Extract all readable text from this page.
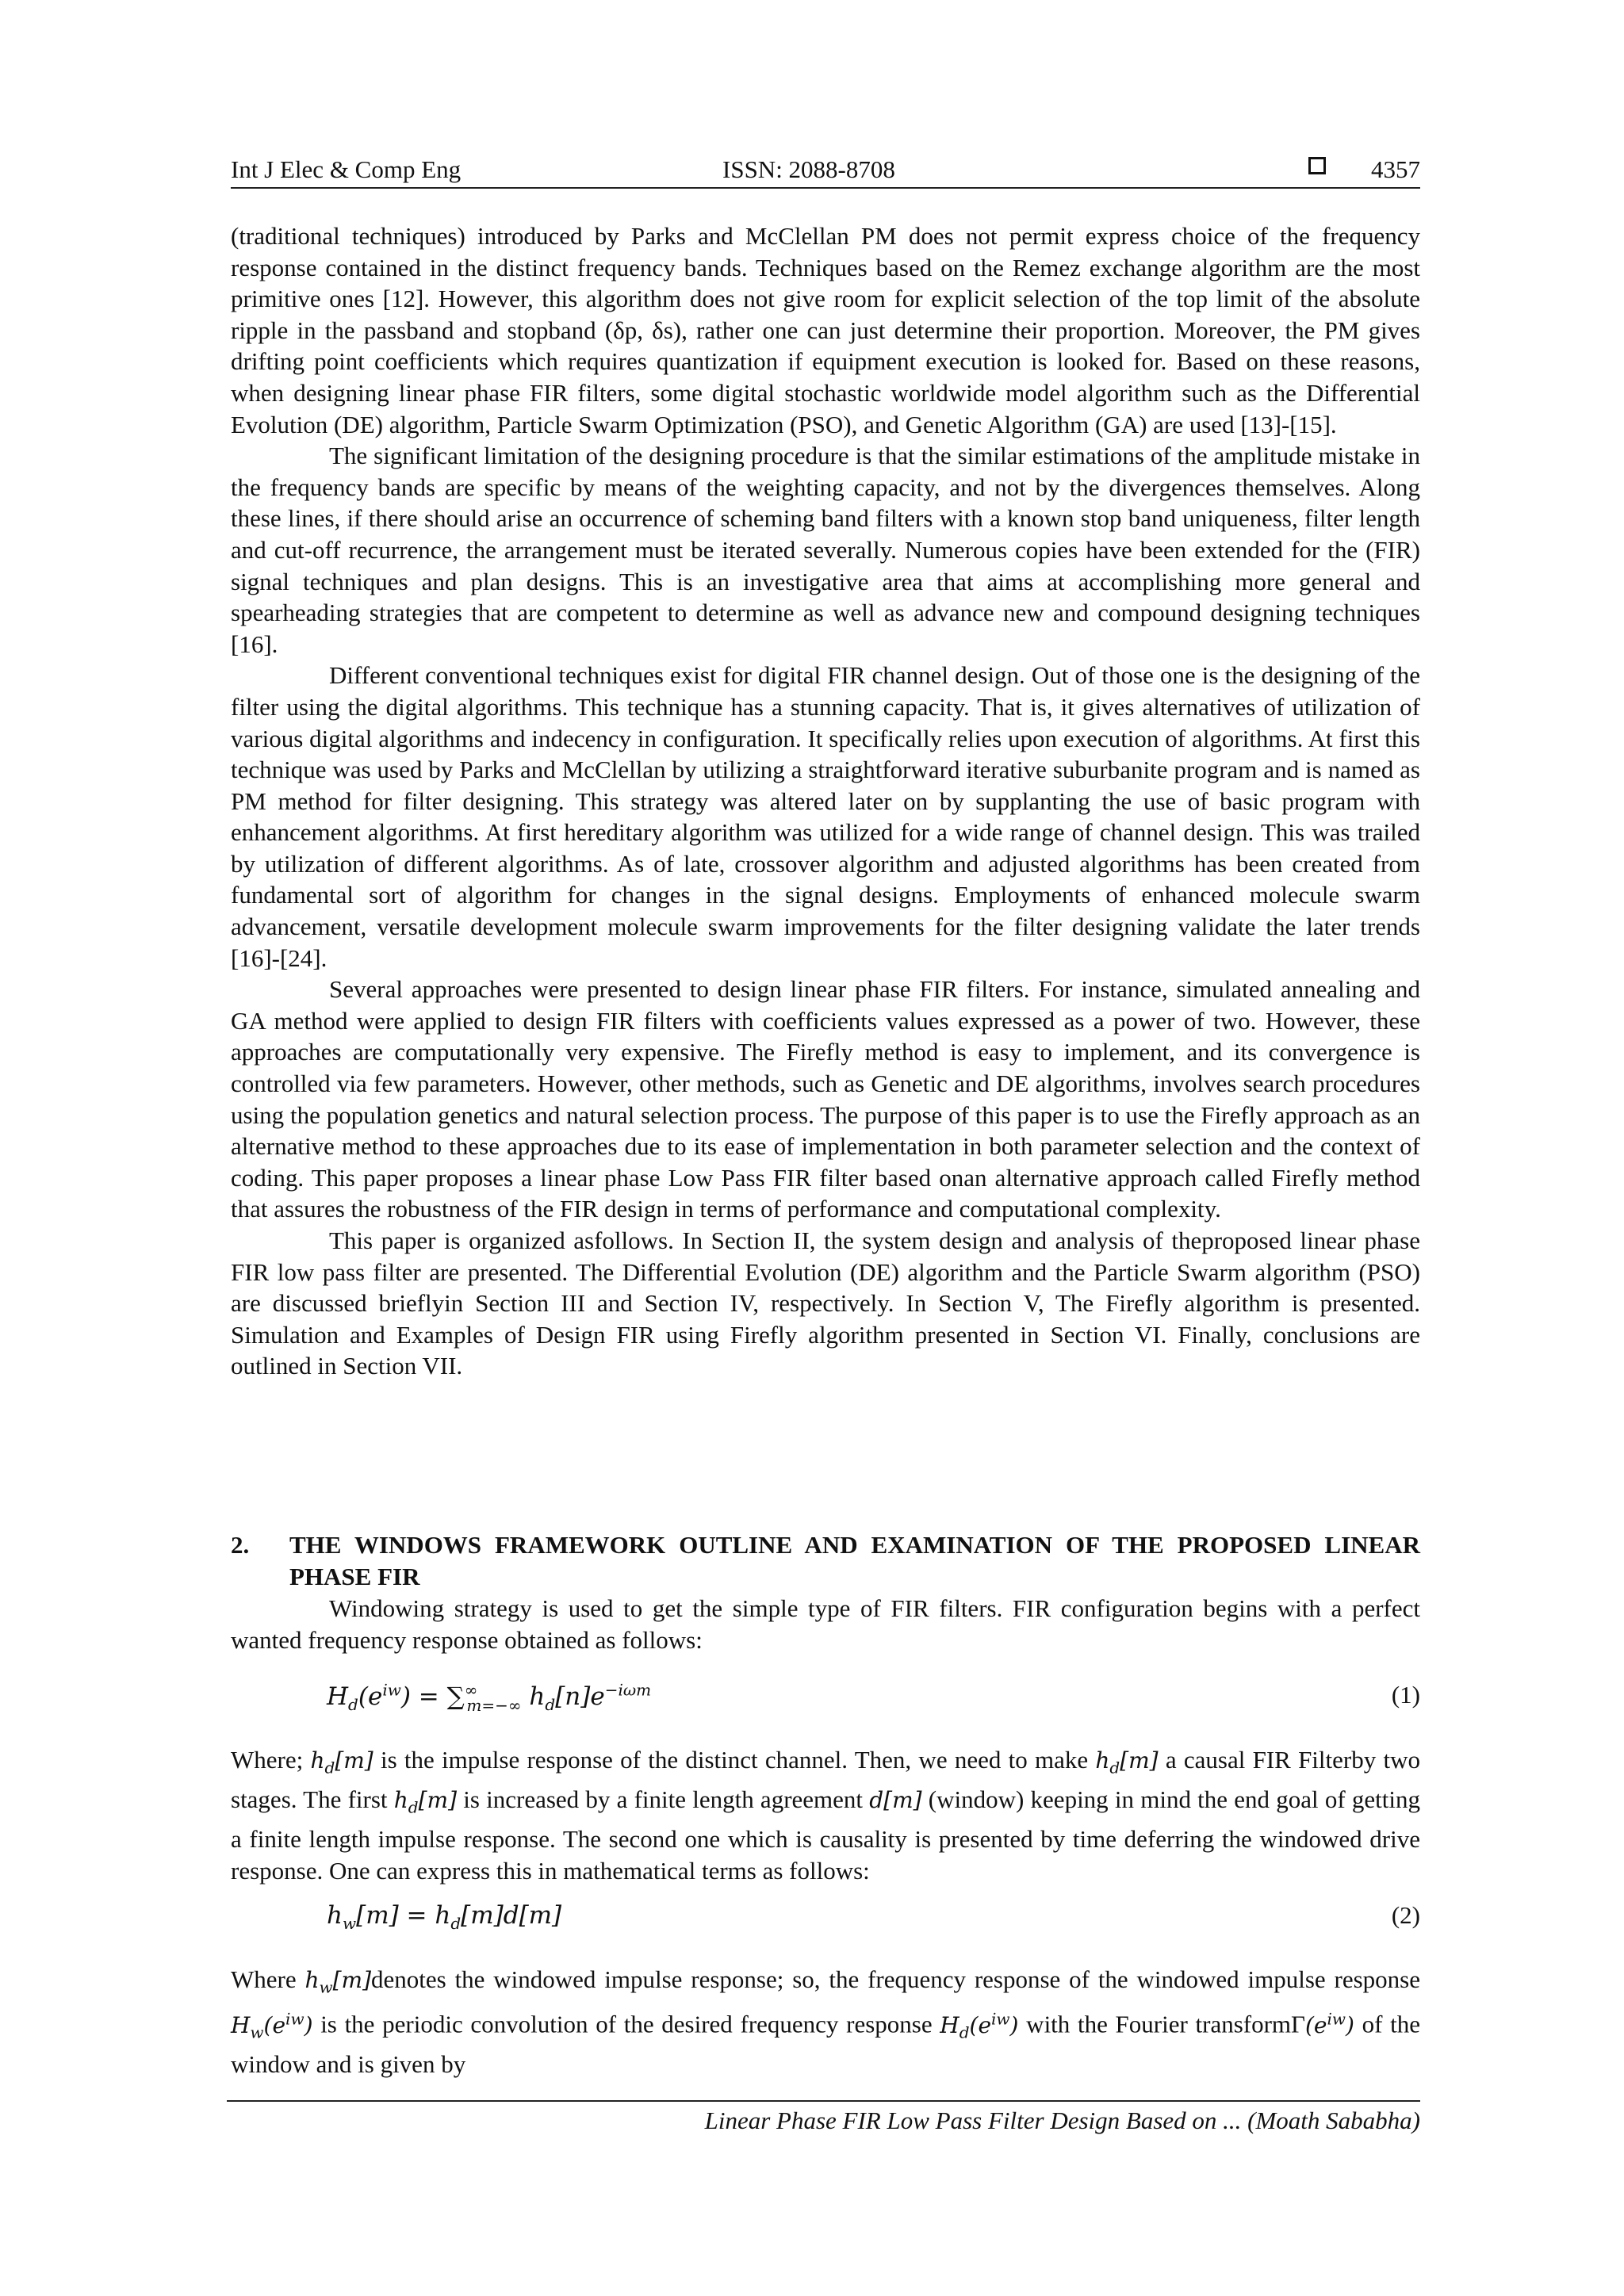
Int J Elec & Comp Eng	ISSN: 2088-8708	4357

(traditional techniques) introduced by Parks and McClellan PM does not permit express choice of the frequency response contained in the distinct frequency bands. Techniques based on the Remez exchange algorithm are the most primitive ones [12]. However, this algorithm does not give room for explicit selection of the top limit of the absolute ripple in the passband and stopband (δp, δs), rather one can just determine their proportion. Moreover, the PM gives drifting point coefficients which requires quantization if equipment execution is looked for. Based on these reasons, when designing linear phase FIR filters, some digital stochastic worldwide model algorithm such as the Differential Evolution (DE) algorithm, Particle Swarm Optimization (PSO), and Genetic Algorithm (GA) are used [13]-[15].

The significant limitation of the designing procedure is that the similar estimations of the amplitude mistake in the frequency bands are specific by means of the weighting capacity, and not by the divergences themselves. Along these lines, if there should arise an occurrence of scheming band filters with a known stop band uniqueness, filter length and cut-off recurrence, the arrangement must be iterated severally. Numerous copies have been extended for the (FIR) signal techniques and plan designs. This is an investigative area that aims at accomplishing more general and spearheading strategies that are competent to determine as well as advance new and compound designing techniques [16].

Different conventional techniques exist for digital FIR channel design. Out of those one is the designing of the filter using the digital algorithms. This technique has a stunning capacity. That is, it gives alternatives of utilization of various digital algorithms and indecency in configuration. It specifically relies upon execution of algorithms. At first this technique was used by Parks and McClellan by utilizing a straightforward iterative suburbanite program and is named as PM method for filter designing. This strategy was altered later on by supplanting the use of basic program with enhancement algorithms. At first hereditary algorithm was utilized for a wide range of channel design. This was trailed by utilization of different algorithms. As of late, crossover algorithm and adjusted algorithms has been created from fundamental sort of algorithm for changes in the signal designs. Employments of enhanced molecule swarm advancement, versatile development molecule swarm improvements for the filter designing validate the later trends [16]-[24].

Several approaches were presented to design linear phase FIR filters. For instance, simulated annealing and GA method were applied to design FIR filters with coefficients values expressed as a power of two. However, these approaches are computationally very expensive. The Firefly method is easy to implement, and its convergence is controlled via few parameters. However, other methods, such as Genetic and DE algorithms, involves search procedures using the population genetics and natural selection process. The purpose of this paper is to use the Firefly approach as an alternative method to these approaches due to its ease of implementation in both parameter selection and the context of coding. This paper proposes a linear phase Low Pass FIR filter based onan alternative approach called Firefly method that assures the robustness of the FIR design in terms of performance and computational complexity.

This paper is organized asfollows. In Section II, the system design and analysis of theproposed linear phase FIR low pass filter are presented. The Differential Evolution (DE) algorithm and the Particle Swarm algorithm (PSO) are discussed brieflyin Section III and Section IV, respectively. In Section V, The Firefly algorithm is presented. Simulation and Examples of Design FIR using Firefly algorithm presented in Section VI. Finally, conclusions are outlined in Section VII.

2. THE WINDOWS FRAMEWORK OUTLINE AND EXAMINATION OF THE PROPOSED LINEAR PHASE FIR

Windowing strategy is used to get the simple type of FIR filters. FIR configuration begins with a perfect wanted frequency response obtained as follows:

$H_d(e^{iw}) = \sum^\infty_{m=-\infty}$ $h_d[n]e^{-i\omega m}$	(1)

Where; $h_d[m]$ is the impulse response of the distinct channel. Then, we need to make $h_d[m]$ a causal FIR Filterby two stages. The first $h_d[m]$ is increased by a finite length agreement d[m] (window) keeping in mind the end goal of getting a finite length impulse response. The second one which is causality is presented by time deferring the windowed drive response. One can express this in mathematical terms as follows:

$h_w[m] = h_d[m]d[m]$	(2)

Where $h_w[m]denotes$ the windowed impulse response; so, the frequency response of the windowed impulse response $H_w(e^{iw})$ is the periodic convolution of the desired frequency response $H_d(e^{iw})$ with the Fourier $transform\Gamma(e^{iw})$ of the window and is given by

Linear Phase FIR Low Pass Filter Design Based on ... (Moath Sababha)
